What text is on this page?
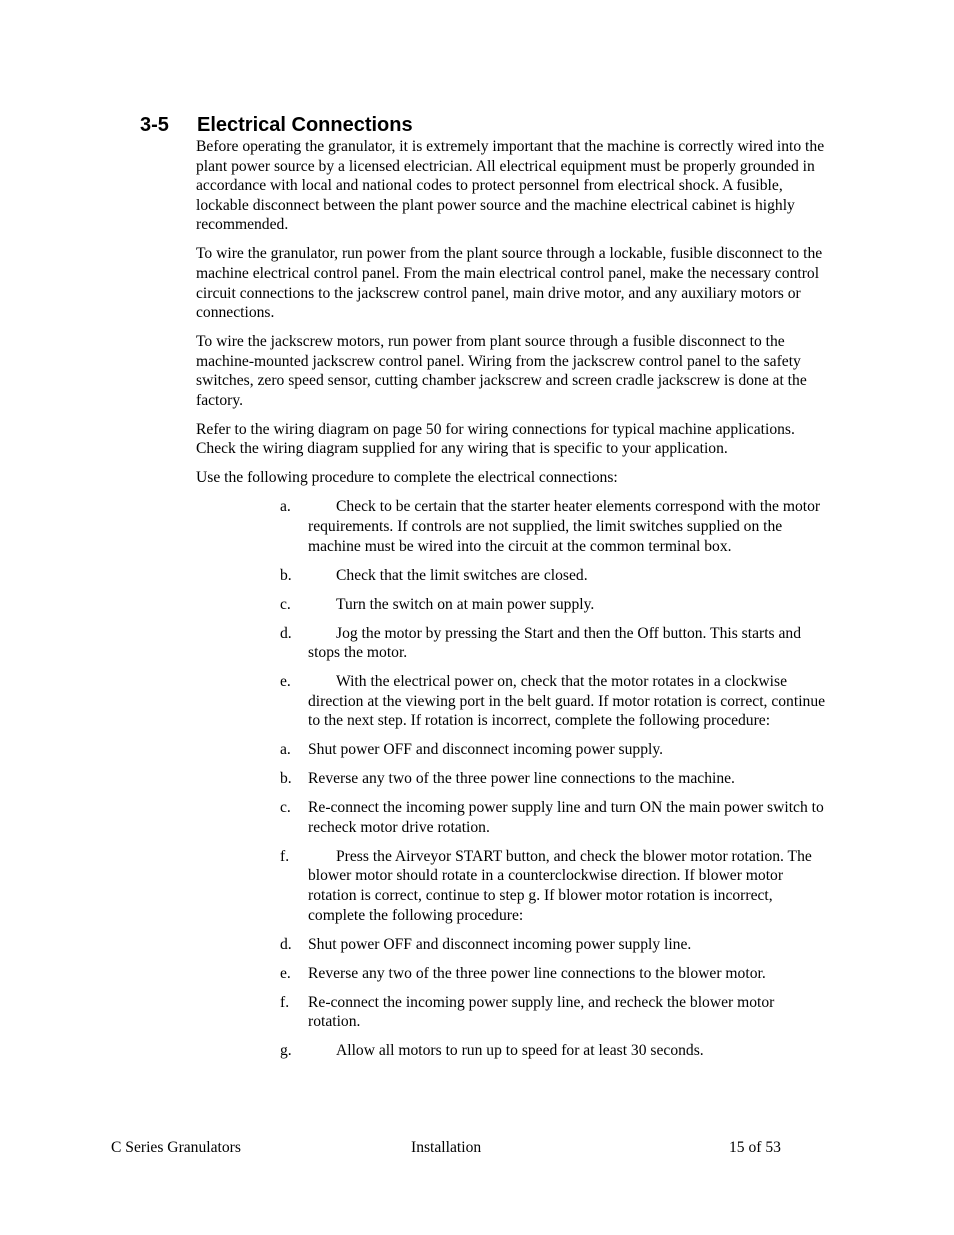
3-5 Electrical Connections

Before operating the granulator, it is extremely important that the machine is correctly wired into the plant power source by a licensed electrician. All electrical equipment must be properly grounded in accordance with local and national codes to protect personnel from electrical shock. A fusible, lockable disconnect between the plant power source and the machine electrical cabinet is highly recommended.

To wire the granulator, run power from the plant source through a lockable, fusible disconnect to the machine electrical control panel. From the main electrical control panel, make the necessary control circuit connections to the jackscrew control panel, main drive motor, and any auxiliary motors or connections.

To wire the jackscrew motors, run power from plant source through a fusible disconnect to the machine-mounted jackscrew control panel. Wiring from the jackscrew control panel to the safety switches, zero speed sensor, cutting chamber jackscrew and screen cradle jackscrew is done at the factory.

Refer to the wiring diagram on page 50 for wiring connections for typical machine applications. Check the wiring diagram supplied for any wiring that is specific to your application.

Use the following procedure to complete the electrical connections:

a.	Check to be certain that the starter heater elements correspond with the motor requirements. If controls are not supplied, the limit switches supplied on the machine must be wired into the circuit at the common terminal box.
b.	Check that the limit switches are closed.
c.	Turn the switch on at main power supply.
d.	Jog the motor by pressing the Start and then the Off button. This starts and stops the motor.
e.	With the electrical power on, check that the motor rotates in a clockwise direction at the viewing port in the belt guard. If motor rotation is correct, continue to the next step. If rotation is incorrect, complete the following procedure:
a. Shut power OFF and disconnect incoming power supply.
b. Reverse any two of the three power line connections to the machine.
c. Re-connect the incoming power supply line and turn ON the main power switch to recheck motor drive rotation.
f.	Press the Airveyor START button, and check the blower motor rotation. The blower motor should rotate in a counterclockwise direction. If blower motor rotation is correct, continue to step g. If blower motor rotation is incorrect, complete the following procedure:
d. Shut power OFF and disconnect incoming power supply line.
e. Reverse any two of the three power line connections to the blower motor.
f. Re-connect the incoming power supply line, and recheck the blower motor rotation.
g.	Allow all motors to run up to speed for at least 30 seconds.
C Series Granulators	Installation	15 of 53
